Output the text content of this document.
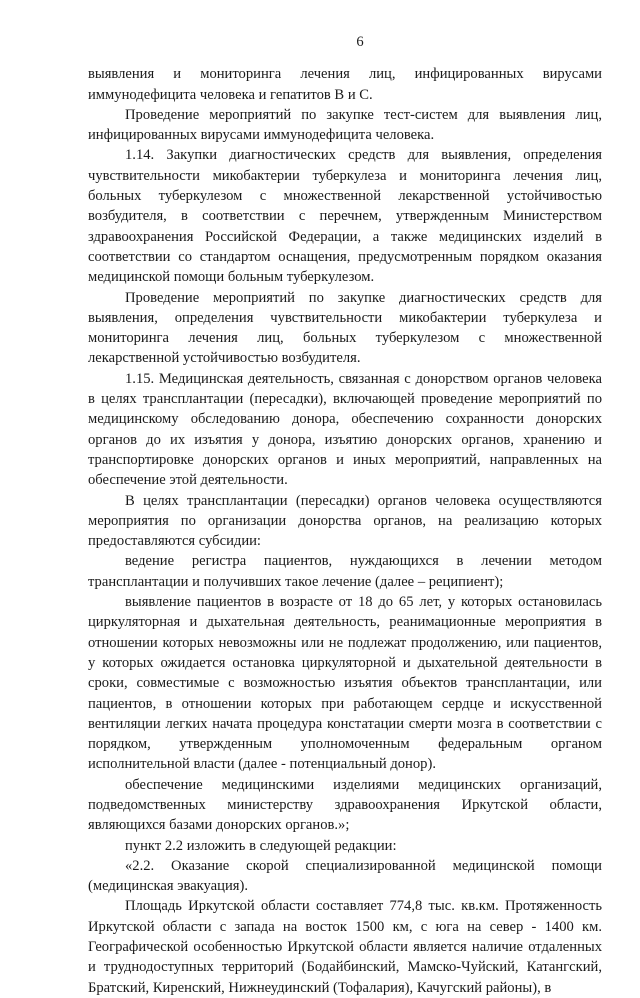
6

выявления и мониторинга лечения лиц, инфицированных вирусами иммунодефицита человека и гепатитов В и С.

Проведение мероприятий по закупке тест-систем для выявления лиц, инфицированных вирусами иммунодефицита человека.

1.14. Закупки диагностических средств для выявления, определения чувствительности микобактерии туберкулеза и мониторинга лечения лиц, больных туберкулезом с множественной лекарственной устойчивостью возбудителя, в соответствии с перечнем, утвержденным Министерством здравоохранения Российской Федерации, а также медицинских изделий в соответствии со стандартом оснащения, предусмотренным порядком оказания медицинской помощи больным туберкулезом.

Проведение мероприятий по закупке диагностических средств для выявления, определения чувствительности микобактерии туберкулеза и мониторинга лечения лиц, больных туберкулезом с множественной лекарственной устойчивостью возбудителя.

1.15. Медицинская деятельность, связанная с донорством органов человека в целях трансплантации (пересадки), включающей проведение мероприятий по медицинскому обследованию донора, обеспечению сохранности донорских органов до их изъятия у донора, изъятию донорских органов, хранению и транспортировке донорских органов и иных мероприятий, направленных на обеспечение этой деятельности.

В целях трансплантации (пересадки) органов человека осуществляются мероприятия по организации донорства органов, на реализацию которых предоставляются субсидии:

ведение регистра пациентов, нуждающихся в лечении методом трансплантации и получивших такое лечение (далее – реципиент);

выявление пациентов в возрасте от 18 до 65 лет, у которых остановилась циркуляторная и дыхательная деятельность, реанимационные мероприятия в отношении которых невозможны или не подлежат продолжению, или пациентов, у которых ожидается остановка циркуляторной и дыхательной деятельности в сроки, совместимые с возможностью изъятия объектов трансплантации, или пациентов, в отношении которых при работающем сердце и искусственной вентиляции легких начата процедура констатации смерти мозга в соответствии с порядком, утвержденным уполномоченным федеральным органом исполнительной власти (далее - потенциальный донор).

обеспечение медицинскими изделиями медицинских организаций, подведомственных министерству здравоохранения Иркутской области, являющихся базами донорских органов.»;

пункт 2.2 изложить в следующей редакции:

«2.2. Оказание скорой специализированной медицинской помощи (медицинская эвакуация).

Площадь Иркутской области составляет 774,8 тыс. кв.км. Протяженность Иркутской области с запада на восток 1500 км, с юга на север - 1400 км. Географической особенностью Иркутской области является наличие отдаленных и труднодоступных территорий (Бодайбинский, Мамско-Чуйский, Катангский, Братский, Киренский, Нижнеудинский (Тофалария), Качугский районы), в
